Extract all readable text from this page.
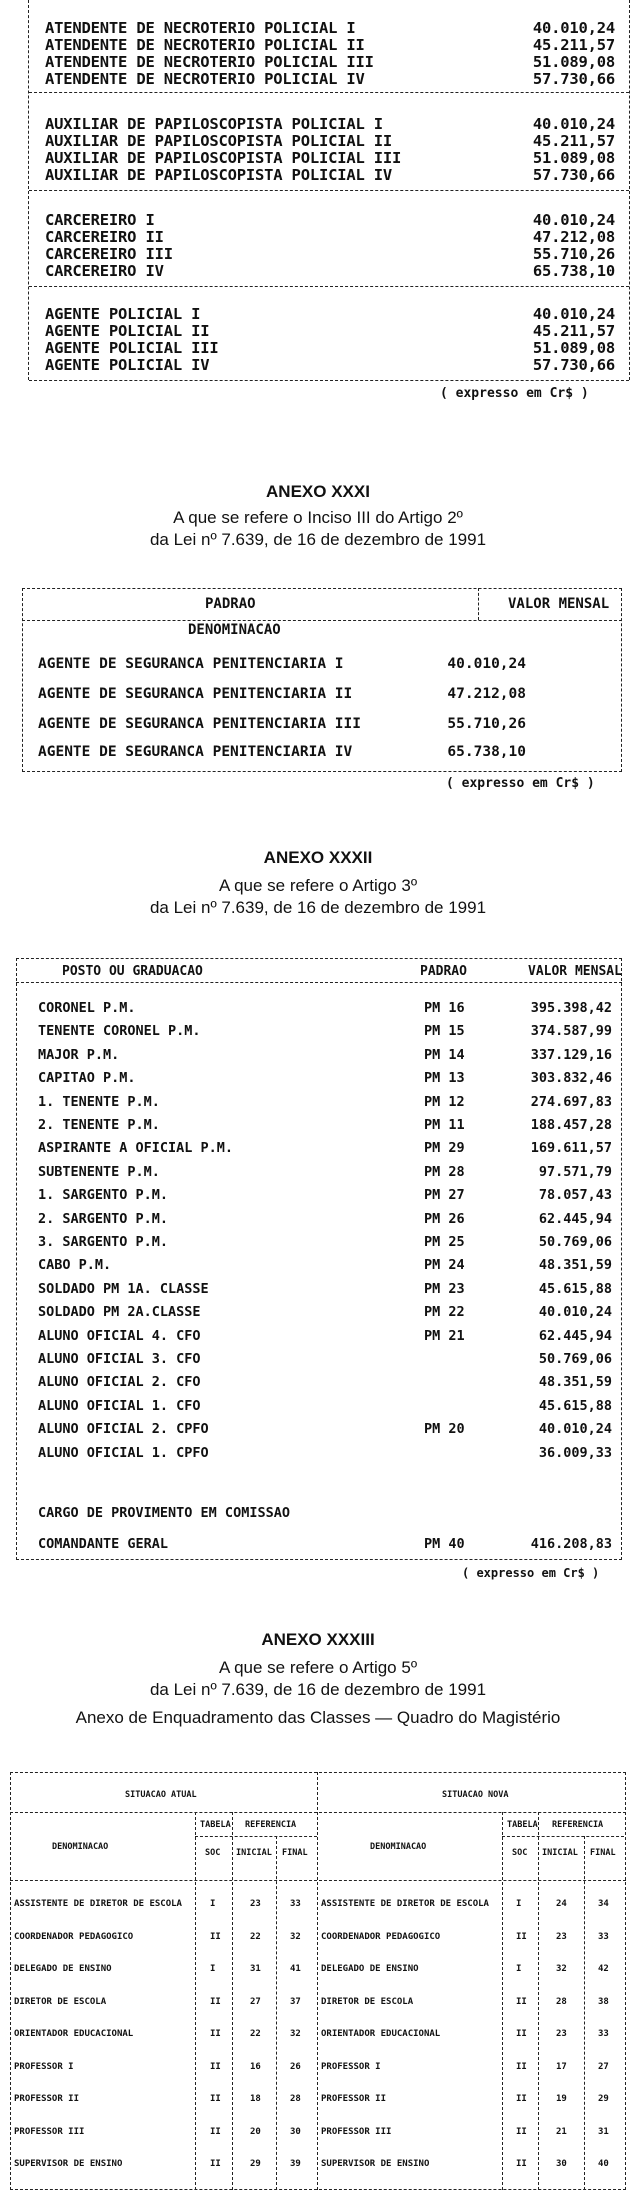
ATENDENTE DE NECROTERIO POLICIAL I	40.010,24
ATENDENTE DE NECROTERIO POLICIAL II	45.211,57
ATENDENTE DE NECROTERIO POLICIAL III	51.089,08
ATENDENTE DE NECROTERIO POLICIAL IV	57.730,66
AUXILIAR DE PAPILOSCOPISTA POLICIAL I	40.010,24
AUXILIAR DE PAPILOSCOPISTA POLICIAL II	45.211,57
AUXILIAR DE PAPILOSCOPISTA POLICIAL III	51.089,08
AUXILIAR DE PAPILOSCOPISTA POLICIAL IV	57.730,66
CARCEREIRO I	40.010,24
CARCEREIRO II	47.212,08
CARCEREIRO III	55.710,26
CARCEREIRO IV	65.738,10
AGENTE POLICIAL I	40.010,24
AGENTE POLICIAL II	45.211,57
AGENTE POLICIAL III	51.089,08
AGENTE POLICIAL IV	57.730,66
( expresso em Cr$ )
ANEXO XXXI
A que se refere o Inciso III do Artigo 2º
da Lei nº 7.639, de 16 de dezembro de 1991
PADRAO	VALOR MENSAL
DENOMINACAO
AGENTE DE SEGURANCA PENITENCIARIA I	40.010,24
AGENTE DE SEGURANCA PENITENCIARIA II	47.212,08
AGENTE DE SEGURANCA PENITENCIARIA III	55.710,26
AGENTE DE SEGURANCA PENITENCIARIA IV	65.738,10
( expresso em Cr$ )
ANEXO XXXII
A que se refere o Artigo 3º
da Lei nº 7.639, de 16 de dezembro de 1991
POSTO OU GRADUACAO	PADRAO	VALOR MENSAL
CORONEL P.M.	PM 16	395.398,42
TENENTE CORONEL P.M.	PM 15	374.587,99
MAJOR P.M.	PM 14	337.129,16
CAPITAO P.M.	PM 13	303.832,46
1. TENENTE P.M.	PM 12	274.697,83
2. TENENTE P.M.	PM 11	188.457,28
ASPIRANTE A OFICIAL P.M.	PM 29	169.611,57
SUBTENENTE P.M.	PM 28	97.571,79
1. SARGENTO P.M.	PM 27	78.057,43
2. SARGENTO P.M.	PM 26	62.445,94
3. SARGENTO P.M.	PM 25	50.769,06
CABO P.M.	PM 24	48.351,59
SOLDADO PM 1A. CLASSE	PM 23	45.615,88
SOLDADO PM 2A.CLASSE	PM 22	40.010,24
ALUNO OFICIAL 4. CFO	PM 21	62.445,94
ALUNO OFICIAL 3. CFO	50.769,06
ALUNO OFICIAL 2. CFO	48.351,59
ALUNO OFICIAL 1. CFO	45.615,88
ALUNO OFICIAL 2. CPFO	PM 20	40.010,24
ALUNO OFICIAL 1. CPFO	36.009,33
CARGO DE PROVIMENTO EM COMISSAO
COMANDANTE GERAL	PM 40	416.208,83
( expresso em Cr$ )
ANEXO XXXIII
A que se refere o Artigo 5º
da Lei nº 7.639, de 16 de dezembro de 1991
Anexo de Enquadramento das Classes — Quadro do Magistério
SITUACAO ATUAL	SITUACAO NOVA
DENOMINACAO
TABELA REFERENCIA
SOC INICIAL FINAL
DENOMINACAO
TABELA REFERENCIA
SOC INICIAL FINAL
ASSISTENTE DE DIRETOR DE ESCOLA	I	23	33 ASSISTENTE DE DIRETOR DE ESCOLA	I	24	34
COORDENADOR PEDAGOGICO	II	22	32 COORDENADOR PEDAGOGICO	II	23	33
DELEGADO DE ENSINO	I	31	41 DELEGADO DE ENSINO	I	32	42
DIRETOR DE ESCOLA	II	27	37 DIRETOR DE ESCOLA	II	28	38
ORIENTADOR EDUCACIONAL	II	22	32 ORIENTADOR EDUCACIONAL	II	23	33
PROFESSOR I	II	16	26 PROFESSOR I	II	17	27
PROFESSOR II	II	18	28 PROFESSOR II	II	19	29
PROFESSOR III	II	20	30 PROFESSOR III	II	21	31
SUPERVISOR DE ENSINO	II	29	39 SUPERVISOR DE ENSINO	II	30	40
